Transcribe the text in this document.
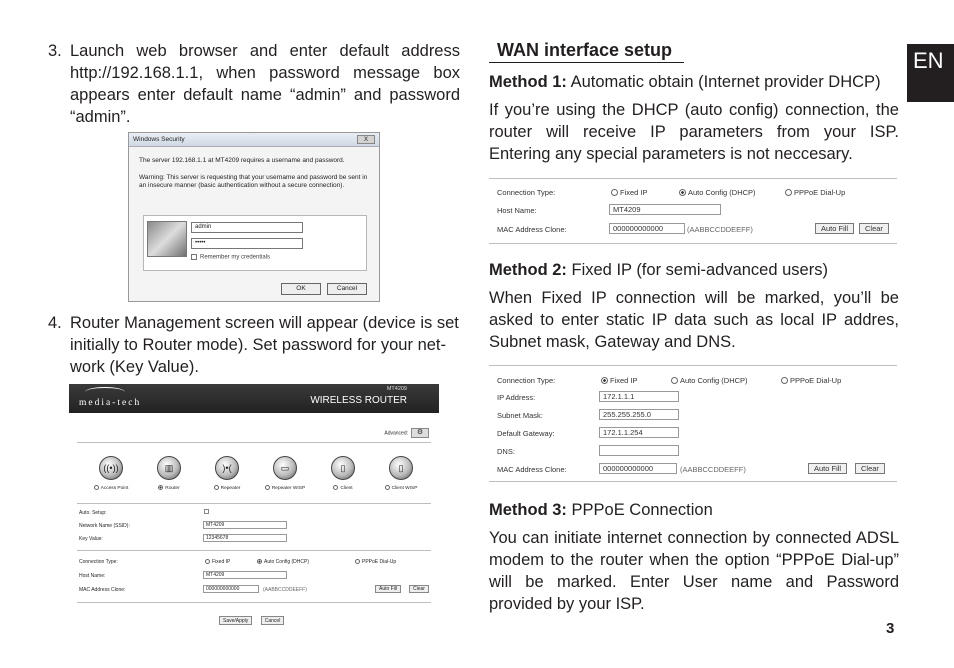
3. Launch web browser and enter default address http://192.168.1.1, when password message box appears enter default name “admin” and password “admin”.
Windows Security	X
The server 192.168.1.1 at MT4209 requires a username and password.
Warning: This server is requesting that your username and password be sent in an insecure manner (basic authentication without a secure connection).
admin
•••••
Remember my credentials
OK	Cancel
4. Router Management screen will appear (device is set initially to Router mode). Set password for your net-work (Key Value).
media-tech
MT4209
WIRELESS ROUTER
Advanced: ⚙
((•))
Access Point
▥
Router
)•(
Repeater
▭
Repeater WISP
▯
Client
▯
Client WISP
Auto. Setup:
Network Name (SSID):	MT4209
Key Value:	12345678
Connection Type:	Fixed IP	Auto Config (DHCP)	PPPoE Dial-Up
Host Name:	MT4209
MAC Address Clone:	000000000000	(AABBCCDDEEFF)	Auto Fill	Clear
Save/Apply	Cancel
WAN interface setup

Method 1: Automatic obtain (Internet provider DHCP)

If you’re using the DHCP (auto config) connection, the router will receive IP parameters from your ISP. Entering any special parameters is not neccesary.

Connection Type:	Fixed IP	Auto Config (DHCP)	PPPoE Dial-Up
Host Name:	MT4209
MAC Address Clone:	000000000000	(AABBCCDDEEFF)	Auto Fill	Clear

Method 2: Fixed IP (for semi-advanced users)

When Fixed IP connection will be marked, you’ll be asked to enter static IP data such as local IP addres, Subnet mask, Gateway and DNS.

Connection Type:	Fixed IP	Auto Config (DHCP)	PPPoE Dial-Up
IP Address:	172.1.1.1
Subnet Mask:	255.255.255.0
Default Gateway:	172.1.1.254
DNS:
MAC Address Clone:	000000000000	(AABBCCDDEEFF)	Auto Fill	Clear

Method 3: PPPoE Connection

You can initiate internet connection by connected ADSL modem to the router when the option “PPPoE Dial-up” will be marked. Enter User name and Password provided by your ISP.

EN
3
